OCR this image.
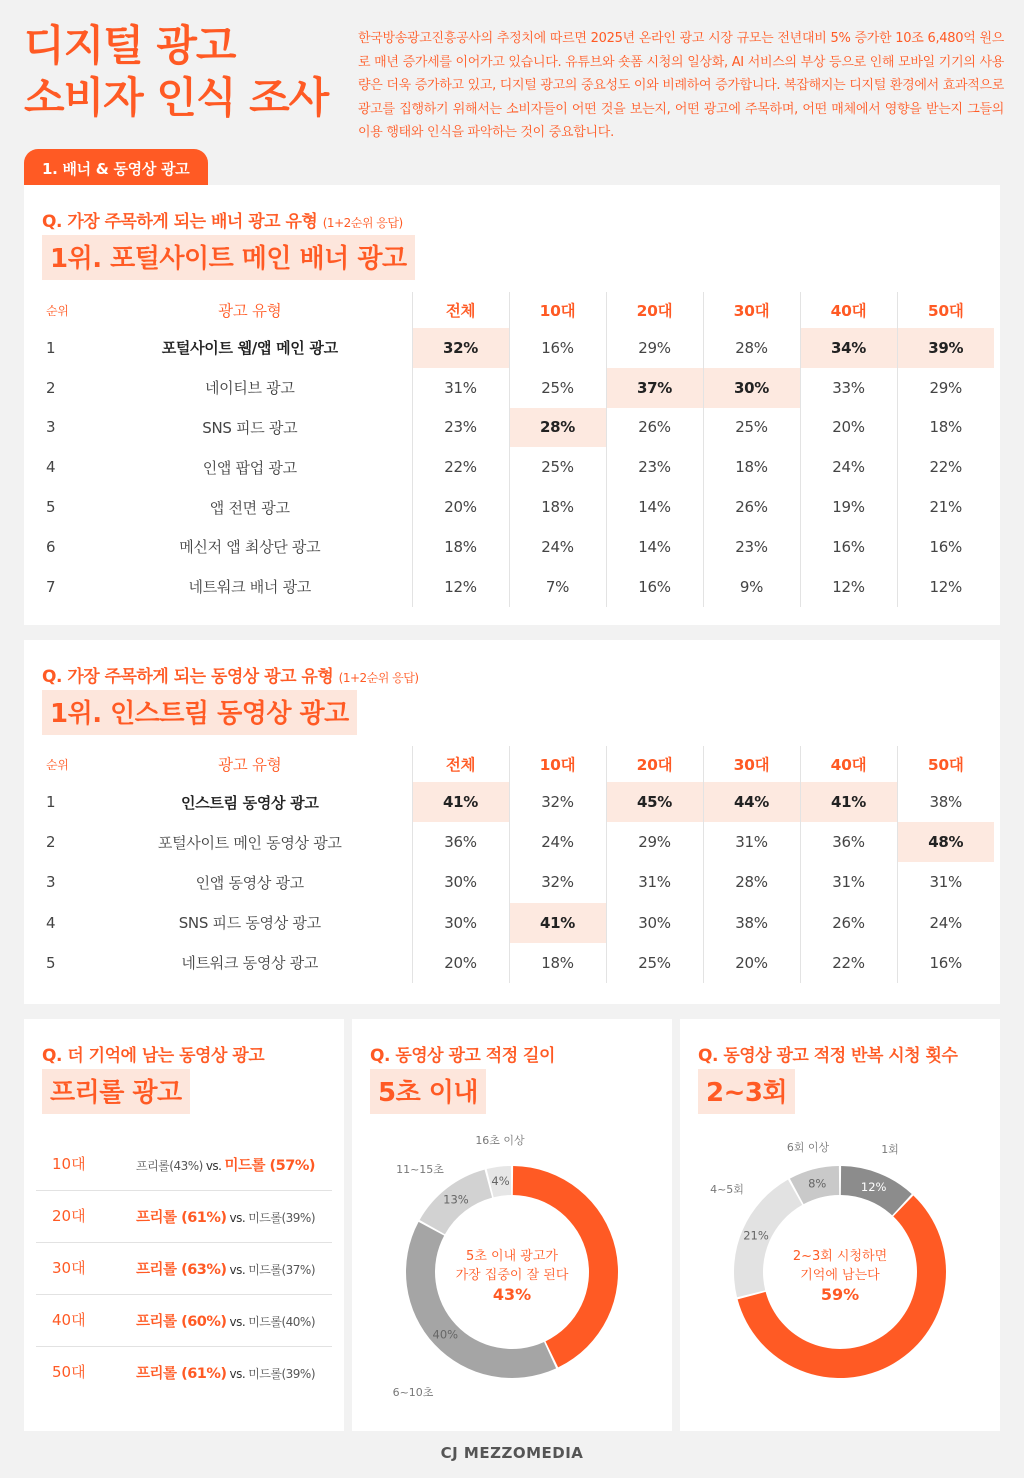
디지털 광고
소비자 인식 조사
한국방송광고진흥공사의 추정치에 따르면 2025년 온라인 광고 시장 규모는 전년대비 5% 증가한 10조 6,480억 원으로 매년 증가세를 이어가고 있습니다. 유튜브와 숏폼 시청의 일상화, AI 서비스의 부상 등으로 인해 모바일 기기의 사용량은 더욱 증가하고 있고, 디지털 광고의 중요성도 이와 비례하여 증가합니다. 복잡해지는 디지털 환경에서 효과적으로 광고를 집행하기 위해서는 소비자들이 어떤 것을 보는지, 어떤 광고에 주목하며, 어떤 매체에서 영향을 받는지 그들의 이용 행태와 인식을 파악하는 것이 중요합니다.
1. 배너 & 동영상 광고
Q. 가장 주목하게 되는 배너 광고 유형 (1+2순위 응답)
1위. 포털사이트 메인 배너 광고
순위	광고 유형	전체	10대	20대	30대	40대	50대
1	포털사이트 웹/앱 메인 광고	32%	16%	29%	28%	34%	39%
2	네이티브 광고	31%	25%	37%	30%	33%	29%
3	SNS 피드 광고	23%	28%	26%	25%	20%	18%
4	인앱 팝업 광고	22%	25%	23%	18%	24%	22%
5	앱 전면 광고	20%	18%	14%	26%	19%	21%
6	메신저 앱 최상단 광고	18%	24%	14%	23%	16%	16%
7	네트워크 배너 광고	12%	7%	16%	9%	12%	12%
Q. 가장 주목하게 되는 동영상 광고 유형 (1+2순위 응답)
1위. 인스트림 동영상 광고
순위	광고 유형	전체	10대	20대	30대	40대	50대
1	인스트림 동영상 광고	41%	32%	45%	44%	41%	38%
2	포털사이트 메인 동영상 광고	36%	24%	29%	31%	36%	48%
3	인앱 동영상 광고	30%	32%	31%	28%	31%	31%
4	SNS 피드 동영상 광고	30%	41%	30%	38%	26%	24%
5	네트워크 동영상 광고	20%	18%	25%	20%	22%	16%
Q. 더 기억에 남는 동영상 광고
프리롤 광고
10대	프리롤(43%) vs. 미드롤 (57%)
20대	프리롤 (61%) vs. 미드롤(39%)
30대	프리롤 (63%) vs. 미드롤(37%)
40대	프리롤 (60%) vs. 미드롤(40%)
50대	프리롤 (61%) vs. 미드롤(39%)
Q. 동영상 광고 적정 길이
5초 이내
40%
6~10초
13%
11~15초
4%
16초 이상
5초 이내 광고가
가장 집중이 잘 된다
43%
Q. 동영상 광고 적정 반복 시청 횟수
2~3회
12%
1회
21%
4~5회	8%
6회 이상
2~3회 시청하면
기억에 남는다
59%
CJ MEZZOMEDIA
